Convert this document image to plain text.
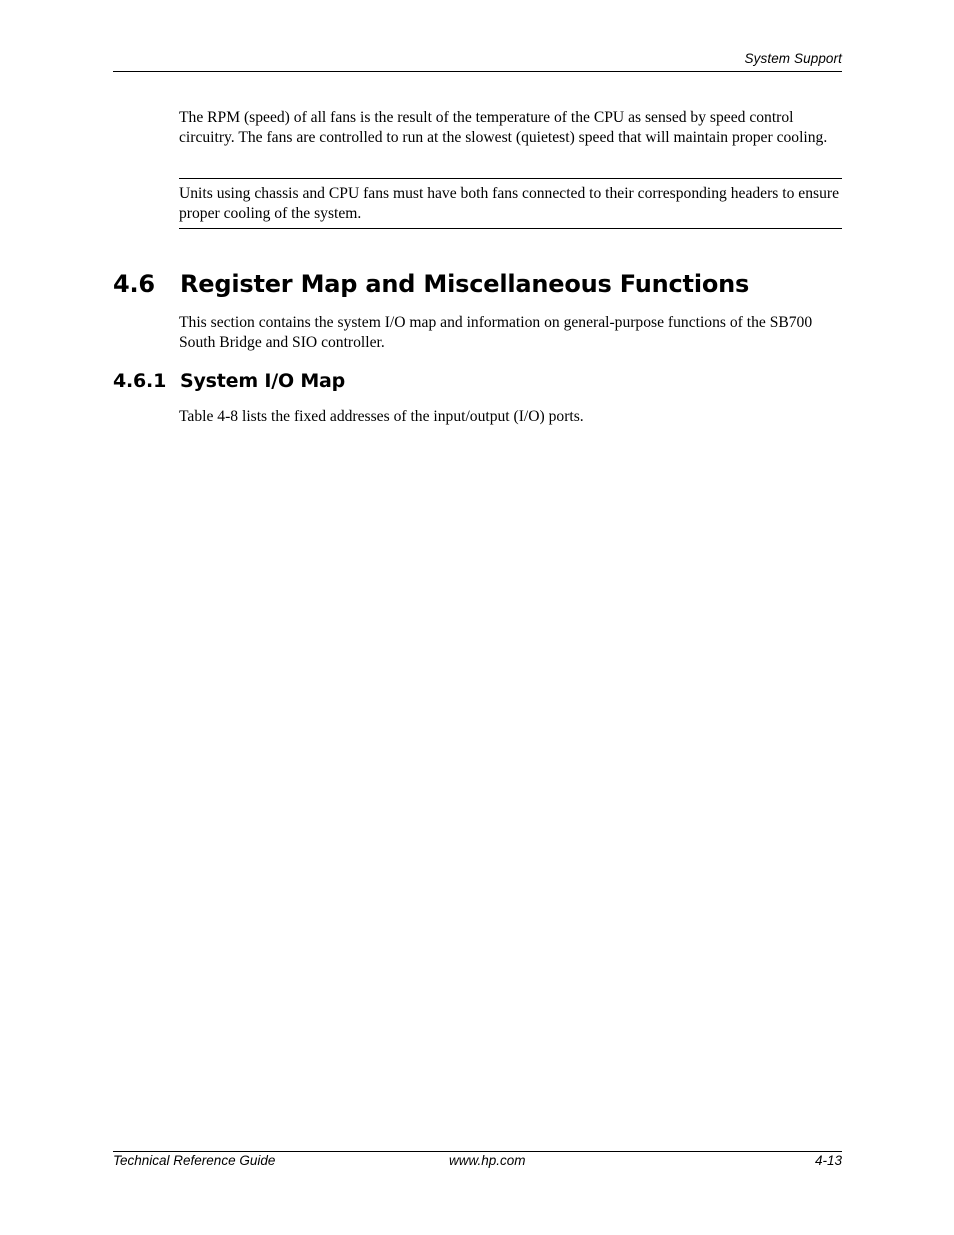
System Support

The RPM (speed) of all fans is the result of the temperature of the CPU as sensed by speed control circuitry. The fans are controlled to run at the slowest (quietest) speed that will maintain proper cooling.

Units using chassis and CPU fans must have both fans connected to their corresponding headers to ensure proper cooling of the system.

4.6 Register Map and Miscellaneous Functions

This section contains the system I/O map and information on general-purpose functions of the SB700 South Bridge and SIO controller.

4.6.1 System I/O Map

Table 4-8 lists the fixed addresses of the input/output (I/O) ports.

Technical Reference Guide	www.hp.com	4-13
